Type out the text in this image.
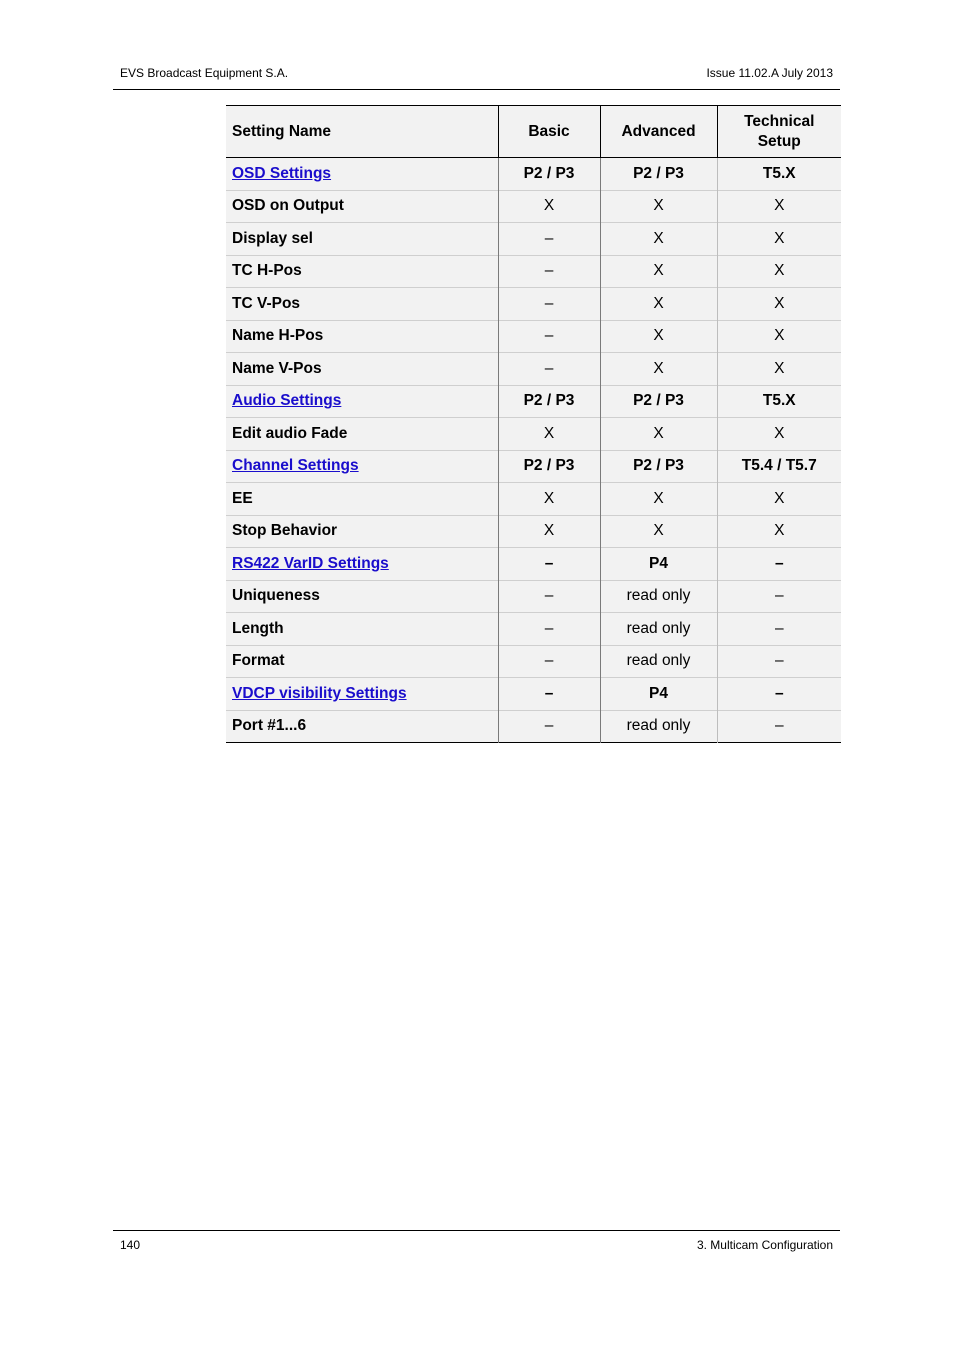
EVS Broadcast Equipment S.A.	Issue 11.02.A July 2013
Setting Name	Basic	Advanced	Technical
Setup
OSD Settings	P2 / P3	P2 / P3	T5.X
OSD on Output	X	X	X
Display sel	–	X	X
TC H-Pos	–	X	X
TC V-Pos	–	X	X
Name H-Pos	–	X	X
Name V-Pos	–	X	X
Audio Settings	P2 / P3	P2 / P3	T5.X
Edit audio Fade	X	X	X
Channel Settings	P2 / P3	P2 / P3	T5.4 / T5.7
EE	X	X	X
Stop Behavior	X	X	X
RS422 VarID Settings	–	P4	–
Uniqueness	–	read only	–
Length	–	read only	–
Format	–	read only	–
VDCP visibility Settings	–	P4	–
Port #1...6	–	read only	–
140	3. Multicam Configuration
